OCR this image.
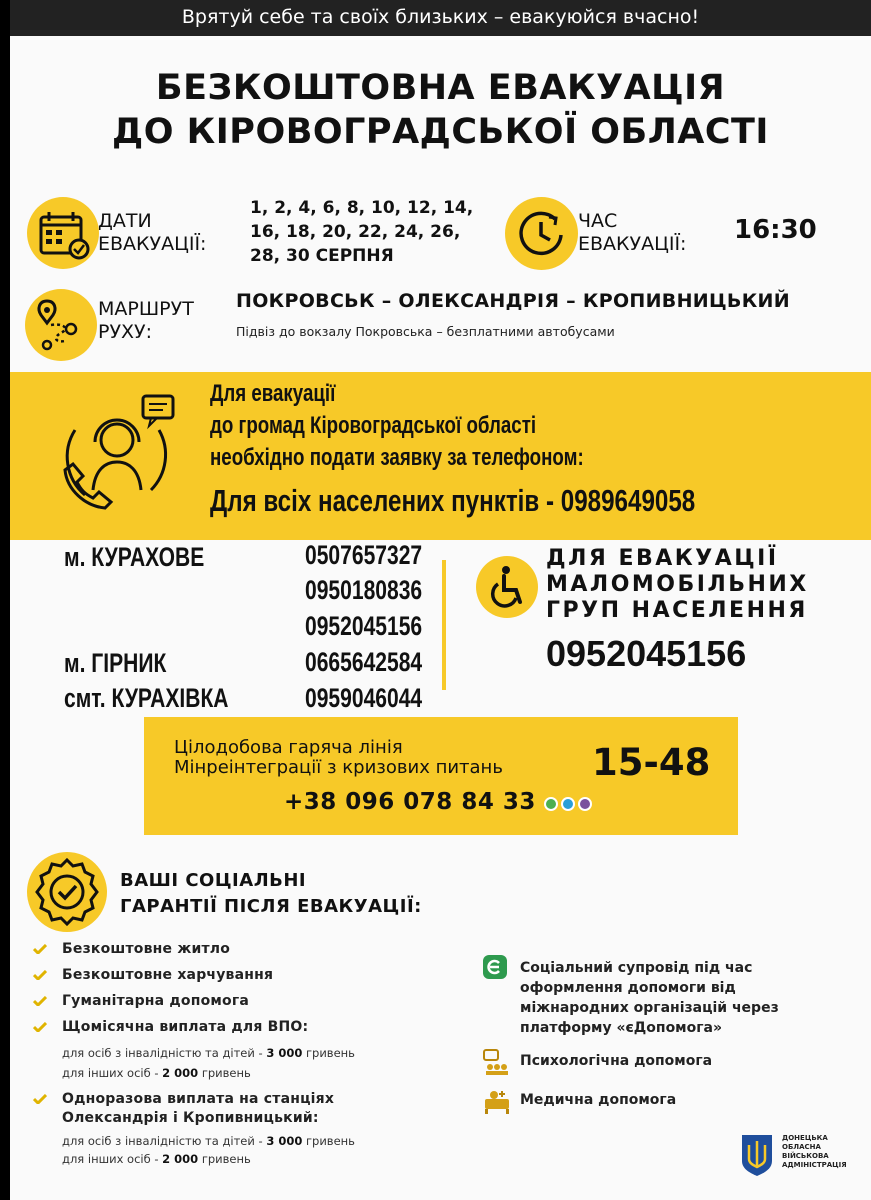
Врятуй себе та своїх близьких – евакуюйся вчасно!
БЕЗКОШТОВНА ЕВАКУАЦІЯ
ДО КІРОВОГРАДСЬКОЇ ОБЛАСТІ
ДАТИ
ЕВАКУАЦІЇ:
1, 2, 4, 6, 8, 10, 12, 14,
16, 18, 20, 22, 24, 26,
28, 30 СЕРПНЯ
ЧАС
ЕВАКУАЦІЇ: 16:30
МАРШРУТ
РУХУ:
ПОКРОВСЬК – ОЛЕКСАНДРІЯ – КРОПИВНИЦЬКИЙ
Підвіз до вокзалу Покровська – безплатними автобусами
Для евакуації
до громад Кіровоградської області
необхідно подати заявку за телефоном:
Для всіх населених пунктів - 0989649058
м. КУРАХОВЕ	0507657327
0950180836
0952045156
м. ГІРНИК	0665642584
смт. КУРАХІВКА	0959046044
ДЛЯ ЕВАКУАЦІЇ
МАЛОМОБІЛЬНИХ
ГРУП НАСЕЛЕННЯ
0952045156
Цілодобова гаряча лінія
Мінреінтеграції з кризових питань 15-48
+38 096 078 84 33
ВАШІ СОЦІАЛЬНІ
ГАРАНТІЇ ПІСЛЯ ЕВАКУАЦІЇ:
Безкоштовне житло
Безкоштовне харчування
Гуманітарна допомога
Щомісячна виплата для ВПО:
для осіб з інвалідністю та дітей - 3 000 гривень
для інших осіб - 2 000 гривень
Одноразова виплата на станціях
Олександрія і Кропивницький:
для осіб з інвалідністю та дітей - 3 000 гривень
для інших осіб - 2 000 гривень
Соціальний супровід під час
оформлення допомоги від
міжнародних організацій через
платформу «єДопомога»
Психологічна допомога
Медична допомога
ДОНЕЦЬКА
ОБЛАСНА
ВІЙСЬКОВА
АДМІНІСТРАЦІЯ
